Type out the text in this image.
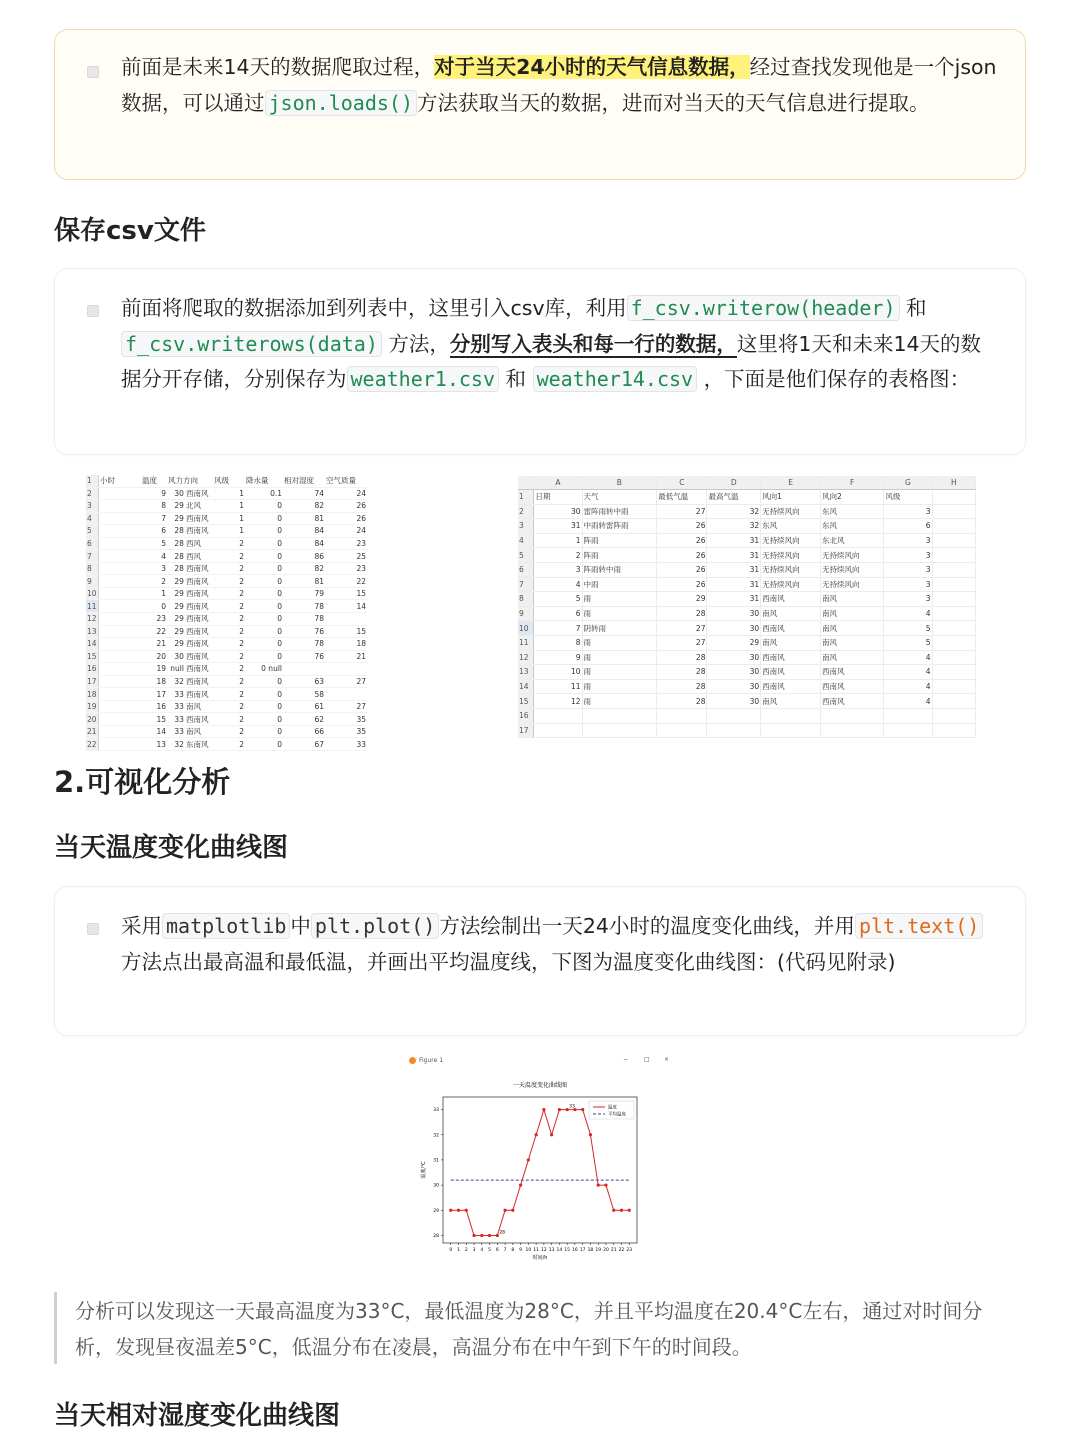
前面是未来14天的数据爬取过程，对于当天24小时的天气信息数据，经过查找发现他是一个json数据，可以通过 json.loads() 方法获取当天的数据，进而对当天的天气信息进行提取。
保存csv文件
前面将爬取的数据添加到列表中，这里引入csv库，利用 f_csv.writerow(header) 和 f_csv.writerows(data) 方法，分别写入表头和每一行的数据，这里将1天和未来14天的数据分开存储，分别保存为 weather1.csv 和 weather14.csv ，下面是他们保存的表格图：
1	小时	温度	风力方向		风级	降水量	相对湿度	空气质量
2		9	30	西南风	1	0.1	74	24
3		8	29	北风	1	0	82	26
4		7	29	西南风	1	0	81	26
5		6	28	西南风	1	0	84	24
6		5	28	西风	2	0	84	23
7		4	28	西风	2	0	86	25
8		3	28	西南风	2	0	82	23
9		2	29	西南风	2	0	81	22
10		1	29	西南风	2	0	79	15
11		0	29	西南风	2	0	78	14
12		23	29	西南风	2	0	78	
13		22	29	西南风	2	0	76	15
14		21	29	西南风	2	0	78	18
15		20	30	西南风	2	0	76	21
16		19	null	西南风	2	0 null		
17		18	32	西南风	2	0	63	27
18		17	33	西南风	2	0	58	
19		16	33	南风	2	0	61	27
20		15	33	西南风	2	0	62	35
21		14	33	南风	2	0	66	35
22		13	32	东南风	2	0	67	33
	A	B	C	D	E	F	G	H
1	日期	天气	最低气温	最高气温	风向1	风向2	风级	
2	30	雷阵雨转中雨	27	32	无持续风向	东风	3	
3	31	中雨转雷阵雨	26	32	东风	东风	6	
4	1	阵雨	26	31	无持续风向	东北风	3	
5	2	阵雨	26	31	无持续风向	无持续风向	3	
6	3	阵雨转中雨	26	31	无持续风向	无持续风向	3	
7	4	中雨	26	31	无持续风向	无持续风向	3	
8	5	雨	29	31	西南风	南风	3	
9	6	雨	28	30	南风	南风	4	
10	7	阴转雨	27	30	西南风	南风	5	
11	8	雨	27	29	南风	南风	5	
12	9	雨	28	30	西南风	南风	4	
13	10	雨	28	30	西南风	西南风	4	
14	11	雨	28	30	西南风	西南风	4	
15	12	雨	28	30	南风	西南风	4	
16								
17								
2.可视化分析
当天温度变化曲线图
采用 matplotlib 中 plt.plot() 方法绘制出一天24小时的温度变化曲线，并用 plt.text()方法点出最高温和最低温，并画出平均温度线，下图为温度变化曲线图：(代码见附录)
Figure 1	−	□ ×
一天温度变化曲线图
0 1 2 3 4 5 6 7 8 9 10 11 12 13 14 15 16 17 18 19 20 21 22 23
28
29
30
31
32
33
时间/h
温度/℃
33
28
温度
平均温度

分析可以发现这一天最高温度为33°C，最低温度为28°C，并且平均温度在20.4°C左右，通过对时间分析，发现昼夜温差5°C，低温分布在凌晨，高温分布在中午到下午的时间段。

当天相对湿度变化曲线图
